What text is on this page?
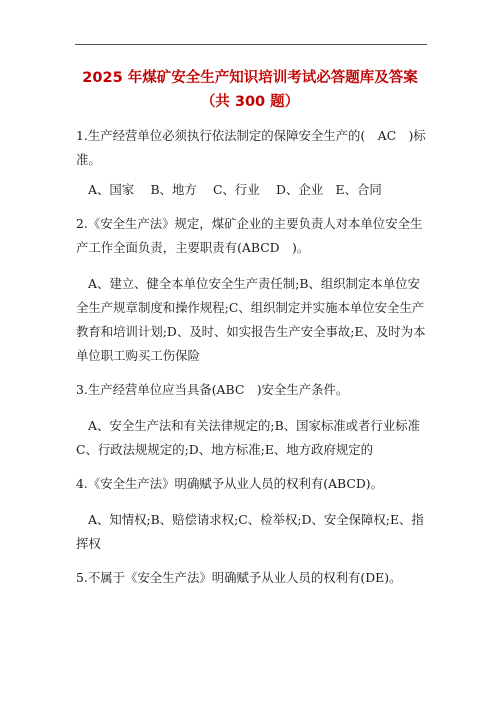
2025 年煤矿安全生产知识培训考试必答题库及答案
（共 300 题）
1.生产经营单位必须执行依法制定的保障安全生产的(　AC　)标准。
A、国家　 B、地方　 C、行业　 D、企业　E、合同
2.《安全生产法》规定，煤矿企业的主要负责人对本单位安全生产工作全面负责，主要职责有(ABCD　)。
A、建立、健全本单位安全生产责任制;B、组织制定本单位安全生产规章制度和操作规程;C、组织制定并实施本单位安全生产教育和培训计划;D、及时、如实报告生产安全事故;E、及时为本单位职工购买工伤保险
3.生产经营单位应当具备(ABC　)安全生产条件。
A、安全生产法和有关法律规定的;B、国家标准或者行业标准C、行政法规规定的;D、地方标准;E、地方政府规定的
4.《安全生产法》明确赋予从业人员的权利有(ABCD)。
A、知情权;B、赔偿请求权;C、检举权;D、安全保障权;E、指挥权
5.不属于《安全生产法》明确赋予从业人员的权利有(DE)。
